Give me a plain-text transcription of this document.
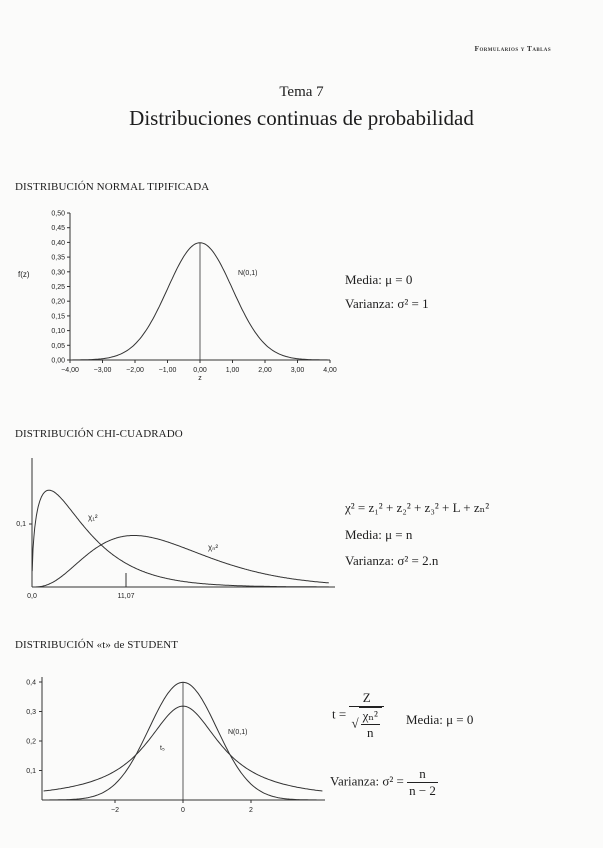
Formularios y Tablas
Tema 7
Distribuciones continuas de probabilidad
DISTRIBUCIÓN NORMAL TIPIFICADA
0,00
0,05
0,10
0,15
0,20
0,25
0,30
0,35
0,40
0,45
0,50
−4,00 −3,00 −2,00 −1,00 0,00	1,00	2,00	3,00	4,00
f(z)
z
N(0,1)	Media: μ = 0
Varianza: σ² = 1
DISTRIBUCIÓN CHI-CUADRADO
0,1
0,0	11,07
χ₁²
χₙ²
χ² = z₁² + z₂² + z₃² + L + zₙ²
Media: μ = n
Varianza: σ² = 2.n
DISTRIBUCIÓN «t» de STUDENT
0,1
0,2
0,3
0,4
−2	0	2
N(0,1)
t₅
$t = \frac{Z}{√ \frac{\text{χₙ²}}{n}}$ Media: μ = 0
Varianza: $\sigma^2 = \frac{n}{n - 2}$
